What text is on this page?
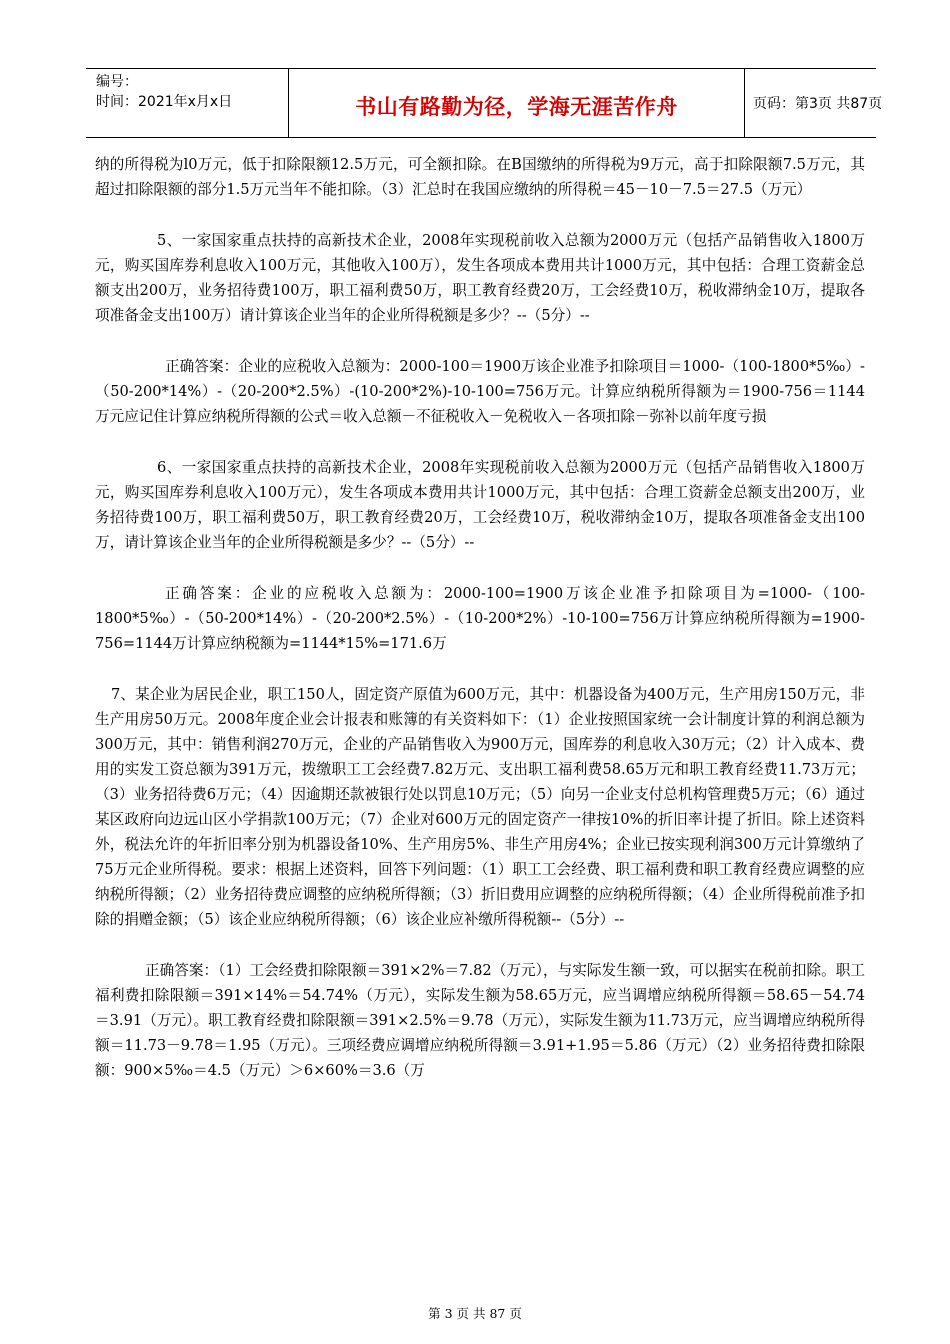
编号：
时间：2021年x月x日	书山有路勤为径，学海无涯苦作舟	页码：第3页 共87页

纳的所得税为l0万元，低于扣除限额12.5万元，可全额扣除。在B国缴纳的所得税为9万元，高于扣除限额7.5万元，其超过扣除限额的部分1.5万元当年不能扣除。（3）汇总时在我国应缴纳的所得税＝45－10－7.5＝27.5（万元）

5、一家国家重点扶持的高新技术企业，2008年实现税前收入总额为2000万元（包括产品销售收入1800万元，购买国库券利息收入100万元，其他收入100万），发生各项成本费用共计1000万元，其中包括：合理工资薪金总额支出200万，业务招待费100万，职工福利费50万，职工教育经费20万，工会经费10万，税收滞纳金10万，提取各项准备金支出100万）请计算该企业当年的企业所得税额是多少？--（5分）--

正确答案：企业的应税收入总额为：2000-100＝1900万该企业准予扣除项目＝1000-（100-1800*5‰）-（50-200*14%）-（20-200*2.5%）-(10-200*2%)-10-100=756万元。计算应纳税所得额为＝1900-756＝1144万元应记住计算应纳税所得额的公式＝收入总额－不征税收入－免税收入－各项扣除－弥补以前年度亏损

6、一家国家重点扶持的高新技术企业，2008年实现税前收入总额为2000万元（包括产品销售收入1800万元，购买国库券利息收入100万元），发生各项成本费用共计1000万元，其中包括：合理工资薪金总额支出200万，业务招待费100万，职工福利费50万，职工教育经费20万，工会经费10万，税收滞纳金10万，提取各项准备金支出100万，请计算该企业当年的企业所得税额是多少？--（5分）--

正确答案：企业的应税收入总额为：2000-100=1900万该企业准予扣除项目为=1000-（100-1800*5‰）-（50-200*14%）-（20-200*2.5%）-（10-200*2%）-10-100=756万计算应纳税所得额为=1900-756=1144万计算应纳税额为=1144*15%=171.6万

7、某企业为居民企业，职工150人，固定资产原值为600万元，其中：机器设备为400万元，生产用房150万元，非生产用房50万元。2008年度企业会计报表和账簿的有关资料如下：（1）企业按照国家统一会计制度计算的利润总额为300万元，其中：销售利润270万元，企业的产品销售收入为900万元，国库券的利息收入30万元；（2）计入成本、费用的实发工资总额为391万元，拨缴职工工会经费7.82万元、支出职工福利费58.65万元和职工教育经费11.73万元；（3）业务招待费6万元；（4）因逾期还款被银行处以罚息10万元；（5）向另一企业支付总机构管理费5万元；（6）通过某区政府向边远山区小学捐款100万元；（7）企业对600万元的固定资产一律按10%的折旧率计提了折旧。除上述资料外，税法允许的年折旧率分别为机器设备10%、生产用房5%、非生产用房4%；企业已按实现利润300万元计算缴纳了75万元企业所得税。要求：根据上述资料，回答下列问题：（1）职工工会经费、职工福利费和职工教育经费应调整的应纳税所得额；（2）业务招待费应调整的应纳税所得额；（3）折旧费用应调整的应纳税所得额；（4）企业所得税前准予扣除的捐赠金额；（5）该企业应纳税所得额；（6）该企业应补缴所得税额--（5分）--

正确答案：（1）工会经费扣除限额＝391×2%＝7.82（万元），与实际发生额一致，可以据实在税前扣除。职工福利费扣除限额＝391×14%＝54.74%（万元），实际发生额为58.65万元，应当调增应纳税所得额＝58.65－54.74＝3.91（万元）。职工教育经费扣除限额＝391×2.5%＝9.78（万元），实际发生额为11.73万元，应当调增应纳税所得额＝11.73－9.78＝1.95（万元）。三项经费应调增应纳税所得额＝3.91+1.95＝5.86（万元）（2）业务招待费扣除限额：900×5‰＝4.5（万元）＞6×60%＝3.6（万

第 3 页 共 87 页
